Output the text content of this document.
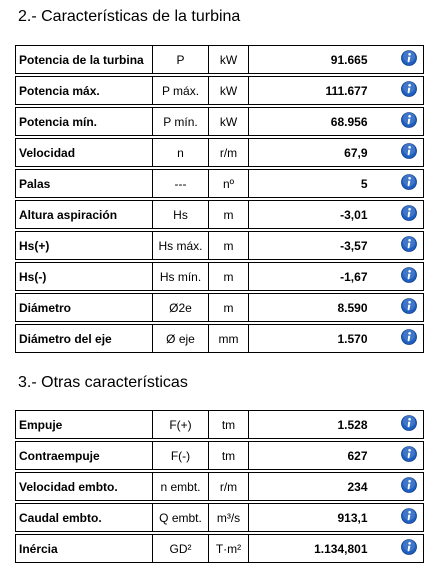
2.- Características de la turbina
Potencia de la turbina	P	kW	91.665	

Potencia máx.	P máx.	kW	111.677	

Potencia mín.	P mín.	kW	68.956	

Velocidad	n	r/m	67,9	

Palas	---	nº	5	

Altura aspiración	Hs	m	-3,01	

Hs(+)	Hs máx.	m	-3,57	

Hs(-)	Hs mín.	m	-1,67	

Diámetro	Ø2e	m	8.590	

Diámetro del eje	Ø eje	mm	1.570	
3.- Otras características
Empuje	F(+)	tm	1.528	

Contraempuje	F(-)	tm	627	

Velocidad embto.	n embt.	r/m	234	

Caudal embto.	Q embt.	m³/s	913,1	

Inércia	GD²	T·m²	1.134,801	
